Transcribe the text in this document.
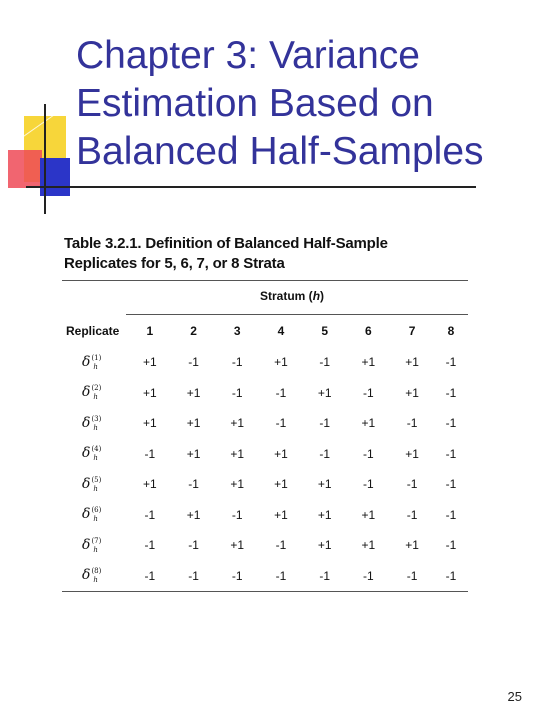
Chapter 3: Variance
Estimation Based on
Balanced Half-Samples
Table 3.2.1. Definition of Balanced Half-Sample
Replicates for 5, 6, 7, or 8 Strata
Stratum (h)
Replicate	1	2	3	4	5	6	7	8
$\delta^{(1)}_h$	+1	-1	-1	+1	-1	+1	+1	-1
$\delta^{(2)}_h$	+1	+1	-1	-1	+1	-1	+1	-1
$\delta^{(3)}_h$	+1	+1	+1	-1	-1	+1	-1	-1
$\delta^{(4)}_h$	-1	+1	+1	+1	-1	-1	+1	-1
$\delta^{(5)}_h$	+1	-1	+1	+1	+1	-1	-1	-1
$\delta^{(6)}_h$	-1	+1	-1	+1	+1	+1	-1	-1
$\delta^{(7)}_h$	-1	-1	+1	-1	+1	+1	+1	-1
$\delta^{(8)}_h$	-1	-1	-1	-1	-1	-1	-1	-1
25
